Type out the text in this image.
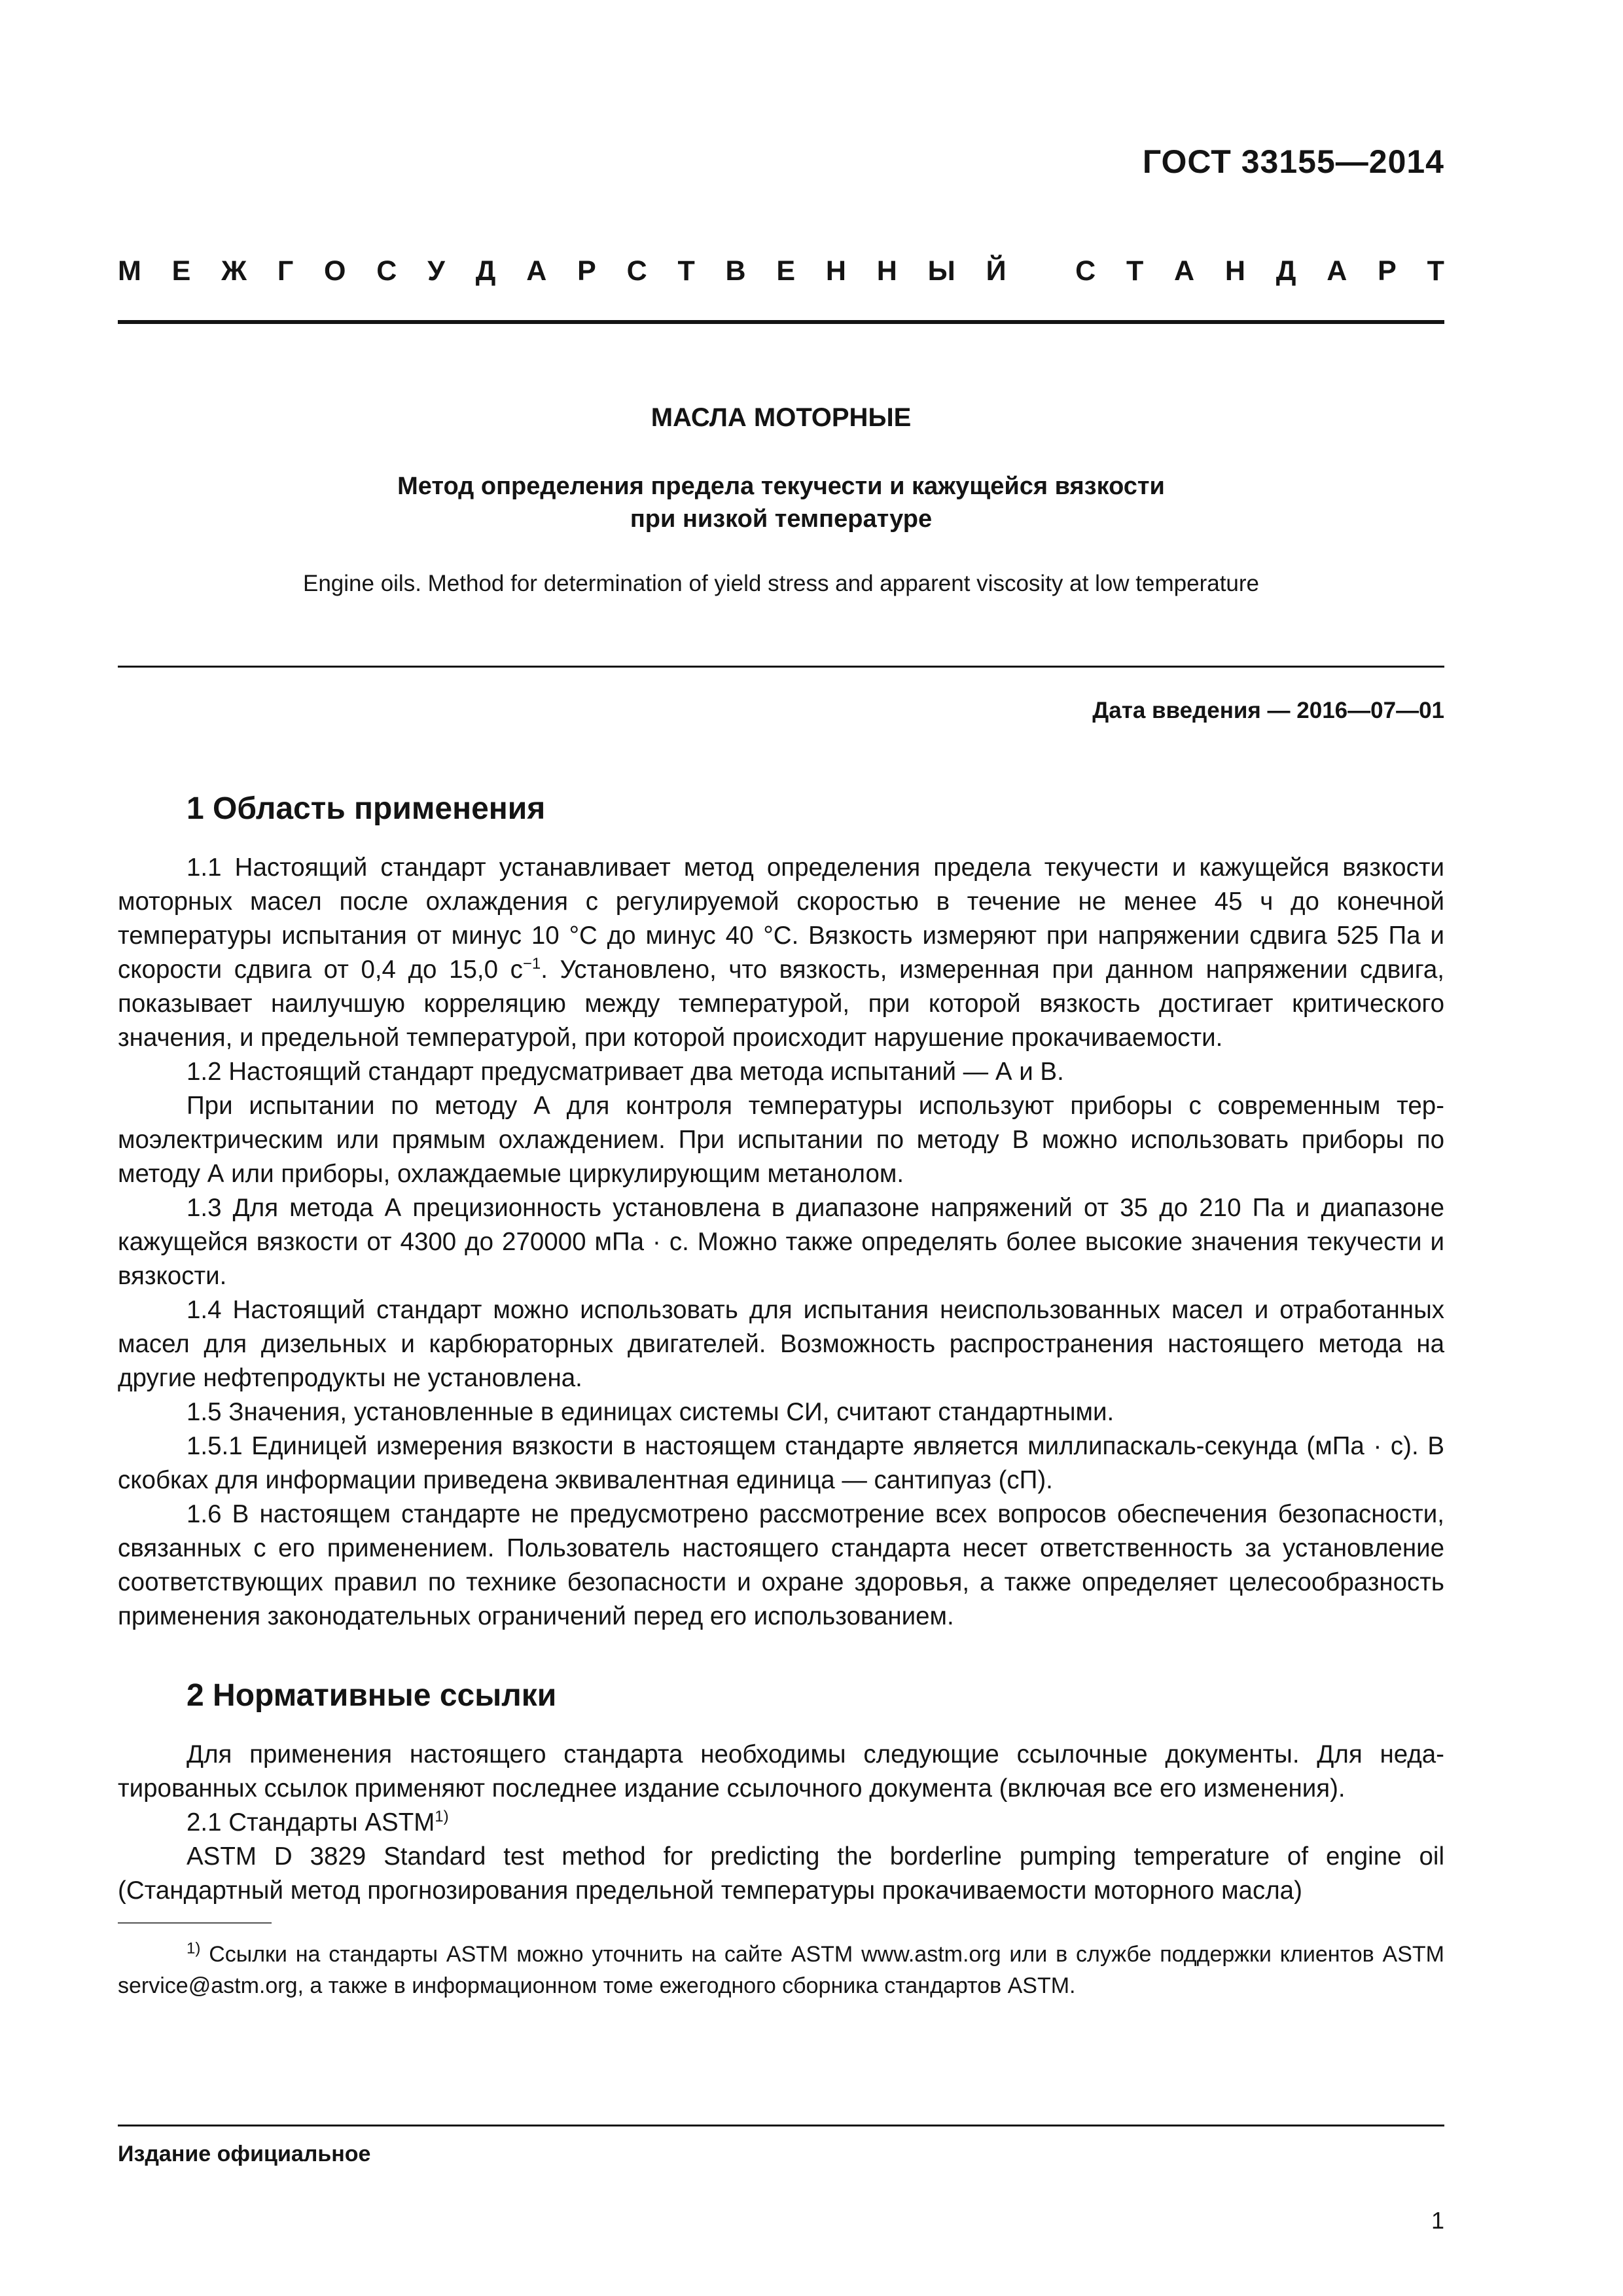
ГОСТ 33155—2014
М Е Ж Г О С У Д А Р С Т В Е Н Н Ы Й
С Т А Н Д А Р Т
МАСЛА МОТОРНЫЕ
Метод определения предела текучести и кажущейся вязкости
при низкой температуре
Engine oils. Method for determination of yield stress and apparent viscosity at low temperature
Дата введения — 2016—07—01
1 Область применения

1.1 Настоящий стандарт устанавливает метод определения предела текучести и кажущейся вязкости моторных масел после охлаждения с регулируемой скоростью в течение не менее 45 ч до конечной температуры испытания от минус 10 °С до минус 40 °С. Вязкость измеряют при напряжении сдвига 525 Па и скорости сдвига от 0,4 до 15,0 $с^{-1}$. Установлено, что вязкость, измеренная при данном напряжении сдвига, показывает наилучшую корреляцию между температурой, при которой вязкость достигает критического значения, и предельной температурой, при которой происходит нарушение прокачиваемости.

1.2 Настоящий стандарт предусматривает два метода испытаний — А и В.

При испытании по методу А для контроля температуры используют приборы с современным термоэлектрическим или прямым охлаждением. При испытании по методу В можно использовать приборы по методу А или приборы, охлаждаемые циркулирующим метанолом.

1.3 Для метода А прецизионность установлена в диапазоне напряжений от 35 до 210 Па и диапазоне кажущейся вязкости от 4300 до 270000 мПа · с. Можно также определять более высокие значения текучести и вязкости.

1.4 Настоящий стандарт можно использовать для испытания неиспользованных масел и отработанных масел для дизельных и карбюраторных двигателей. Возможность распространения настоящего метода на другие нефтепродукты не установлена.

1.5 Значения, установленные в единицах системы СИ, считают стандартными.

1.5.1 Единицей измерения вязкости в настоящем стандарте является миллипаскаль-секунда (мПа · с). В скобках для информации приведена эквивалентная единица — сантипуаз (сП).

1.6 В настоящем стандарте не предусмотрено рассмотрение всех вопросов обеспечения безопасности, связанных с его применением. Пользователь настоящего стандарта несет ответственность за установление соответствующих правил по технике безопасности и охране здоровья, а также определяет целесообразность применения законодательных ограничений перед его использованием.

2 Нормативные ссылки

Для применения настоящего стандарта необходимы следующие ссылочные документы. Для недатированных ссылок применяют последнее издание ссылочного документа (включая все его изменения).

2.1 Стандарты ASTM$^{1)}$

ASTM D 3829 Standard test method for predicting the borderline pumping temperature of engine oil (Стандартный метод прогнозирования предельной температуры прокачиваемости моторного масла)

$^{1)}$ Ссылки на стандарты ASTM можно уточнить на сайте ASTM www.astm.org или в службе поддержки клиентов ASTM service@astm.org, а также в информационном томе ежегодного сборника стандартов ASTM.

Издание официальное
1
